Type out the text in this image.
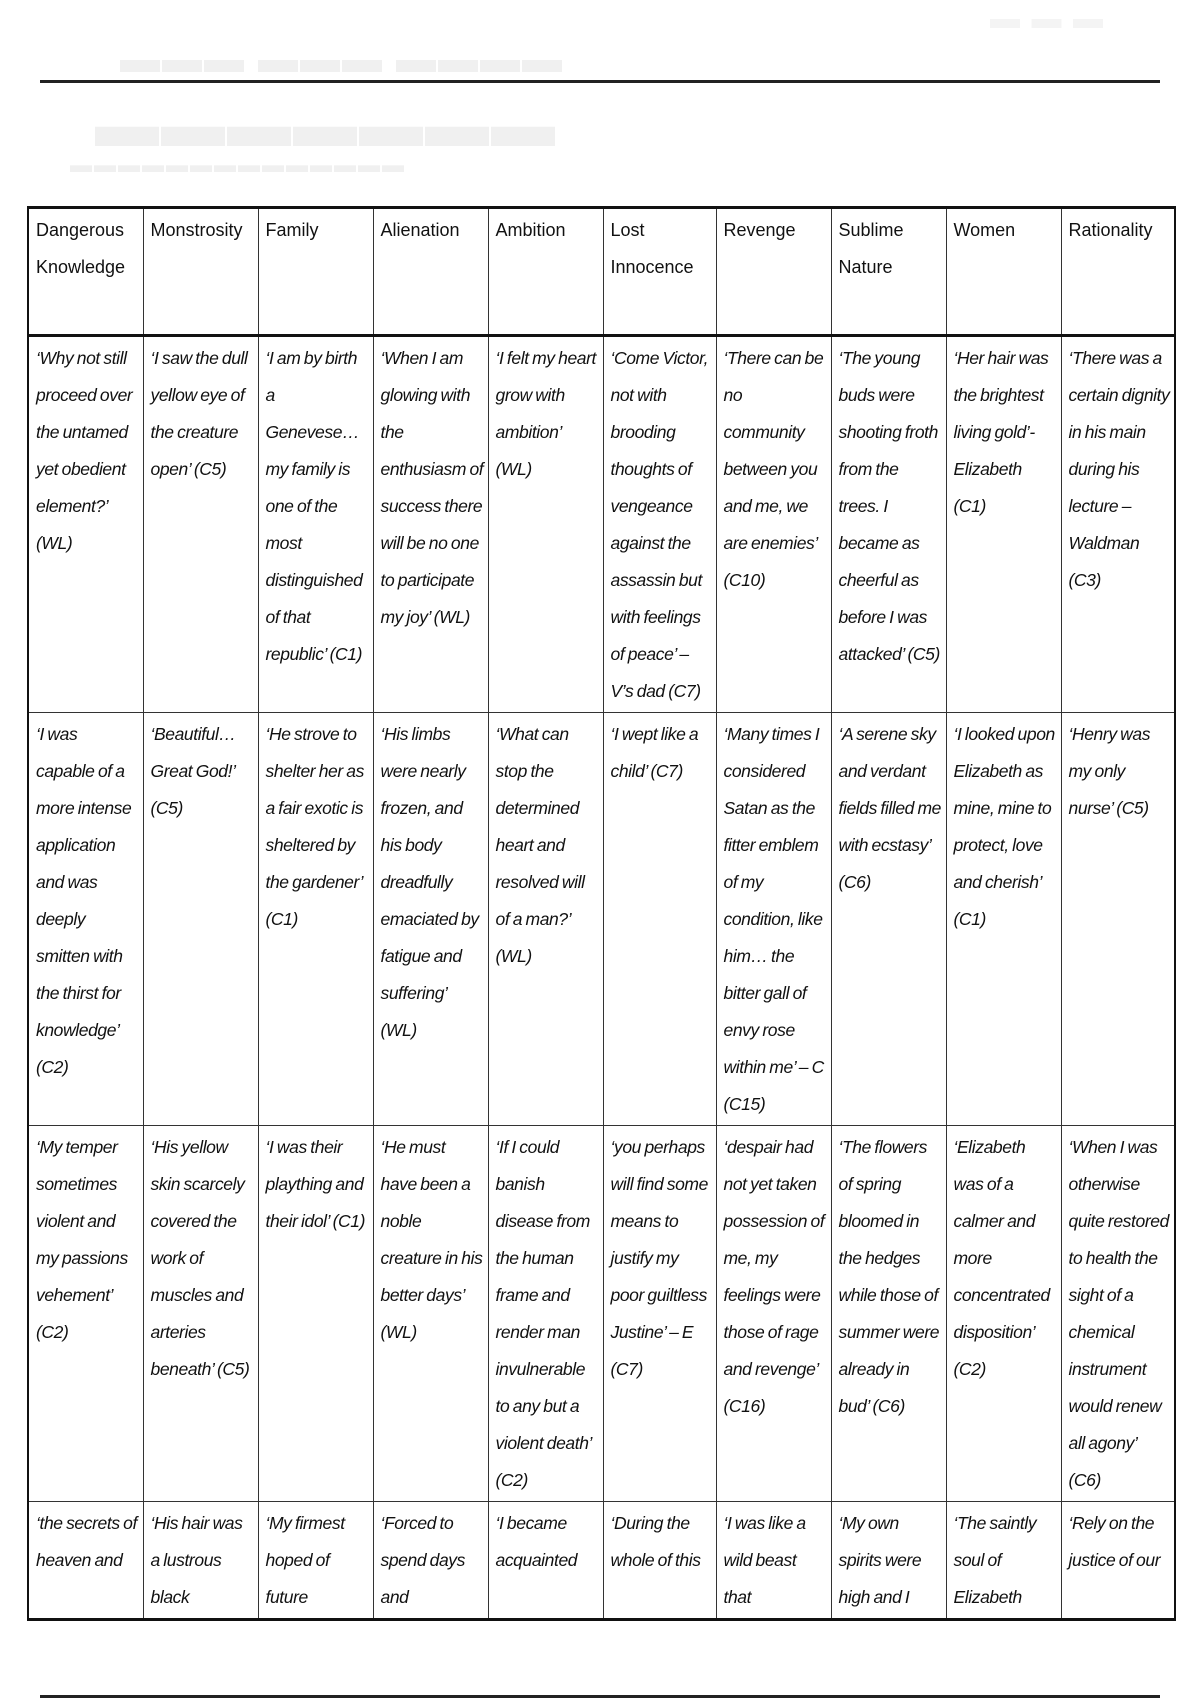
▬▬▬ ▬▬▬ ▬▬▬▬
▬▬▬▬▬▬▬
▬▬▬▬▬▬▬▬▬▬▬▬▬▬
▬ ▬ ▬
Dangerous Knowledge	Monstrosity	Family	Alienation	Ambition	Lost Innocence	Revenge	Sublime Nature	Women	Rationality
‘Why not still proceed over the untamed yet obedient element?’ (WL)	‘I saw the dull yellow eye of the creature open’ (C5)	‘I am by birth a Genevese… my family is one of the most distinguished of that republic’ (C1)	‘When I am glowing with the enthusiasm of success there will be no one to participate my joy’ (WL)	‘I felt my heart grow with ambition’ (WL)	‘Come Victor, not with brooding thoughts of vengeance against the assassin but with feelings of peace’ – V’s dad (C7)	‘There can be no community between you and me, we are enemies’ (C10)	‘The young buds were shooting froth from the trees. I became as cheerful as before I was attacked’ (C5)	‘Her hair was the brightest living gold’- Elizabeth (C1)	‘There was a certain dignity in his main during his lecture – Waldman (C3)
‘I was capable of a more intense application and was deeply smitten with the thirst for knowledge’ (C2)	‘Beautiful… Great God!’ (C5)	‘He strove to shelter her as a fair exotic is sheltered by the gardener’ (C1)	‘His limbs were nearly frozen, and his body dreadfully emaciated by fatigue and suffering’ (WL)	‘What can stop the determined heart and resolved will of a man?’ (WL)	‘I wept like a child’ (C7)	‘Many times I considered Satan as the fitter emblem of my condition, like him… the bitter gall of envy rose within me’ – C (C15)	‘A serene sky and verdant fields filled me with ecstasy’ (C6)	‘I looked upon Elizabeth as mine, mine to protect, love and cherish’ (C1)	‘Henry was my only nurse’ (C5)
‘My temper sometimes violent and my passions vehement’ (C2)	‘His yellow skin scarcely covered the work of muscles and arteries beneath’ (C5)	‘I was their plaything and their idol’ (C1)	‘He must have been a noble creature in his better days’ (WL)	‘If I could banish disease from the human frame and render man invulnerable to any but a violent death’ (C2)	‘you perhaps will find some means to justify my poor guiltless Justine’ – E (C7)	‘despair had not yet taken possession of me, my feelings were those of rage and revenge’ (C16)	‘The flowers of spring bloomed in the hedges while those of summer were already in bud’ (C6)	‘Elizabeth was of a calmer and more concentrated disposition’ (C2)	‘When I was otherwise quite restored to health the sight of a chemical instrument would renew all agony’ (C6)
‘the secrets of heaven and	‘His hair was a lustrous black	‘My firmest hoped of future	‘Forced to spend days and	‘I became acquainted	‘During the whole of this	‘I was like a wild beast that	‘My own spirits were high and I	‘The saintly soul of Elizabeth	‘Rely on the justice of our
